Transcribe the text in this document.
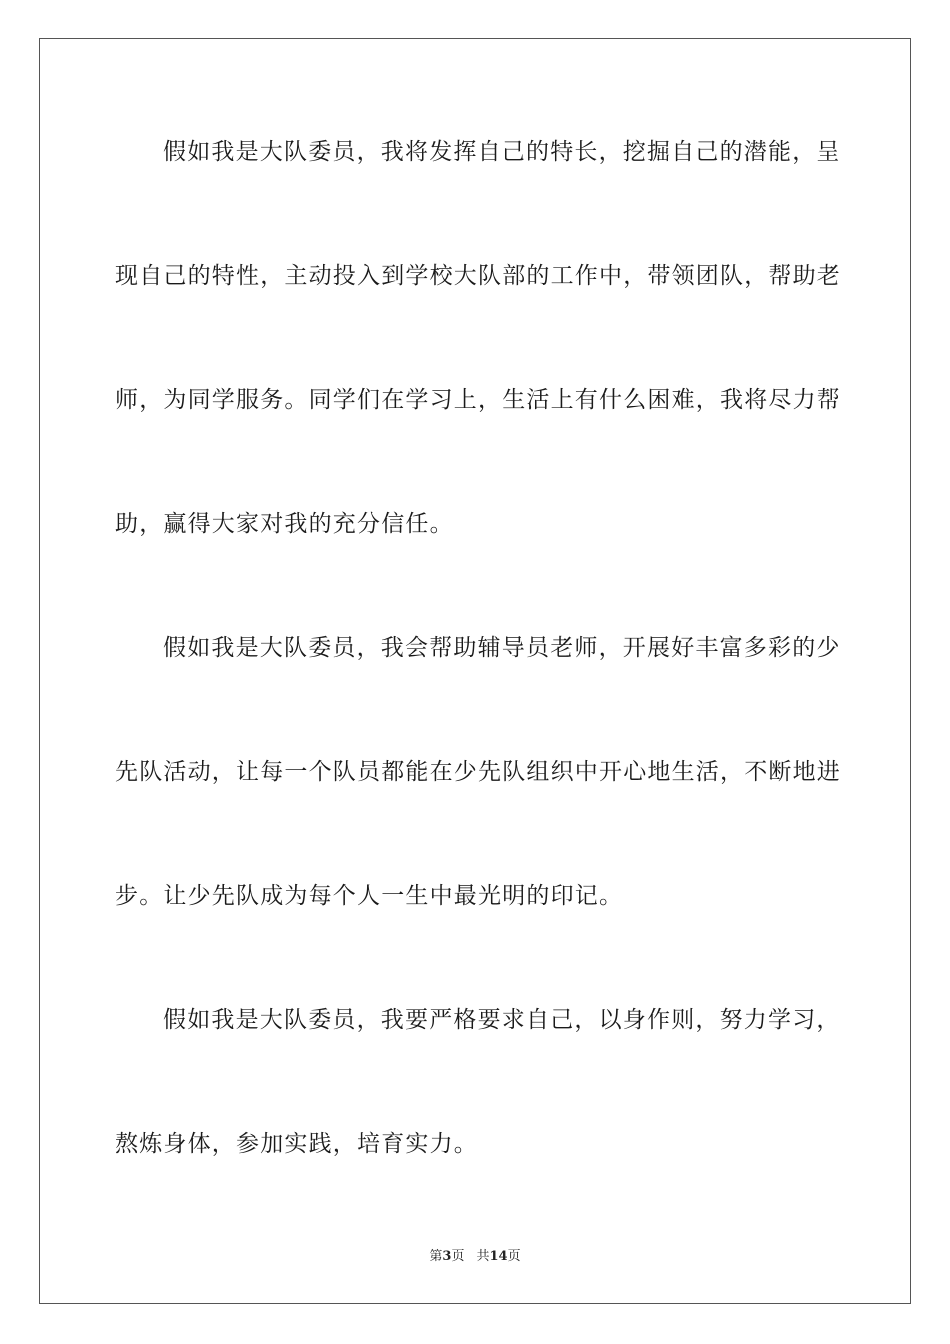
假如我是大队委员，我将发挥自己的特长，挖掘自己的潜能，呈
现自己的特性，主动投入到学校大队部的工作中，带领团队，帮助老
师，为同学服务。同学们在学习上，生活上有什么困难，我将尽力帮
助，赢得大家对我的充分信任。
假如我是大队委员，我会帮助辅导员老师，开展好丰富多彩的少
先队活动，让每一个队员都能在少先队组织中开心地生活，不断地进
步。让少先队成为每个人一生中最光明的印记。
假如我是大队委员，我要严格要求自己，以身作则，努力学习，
熬炼身体，参加实践，培育实力。
第3页 共14页
